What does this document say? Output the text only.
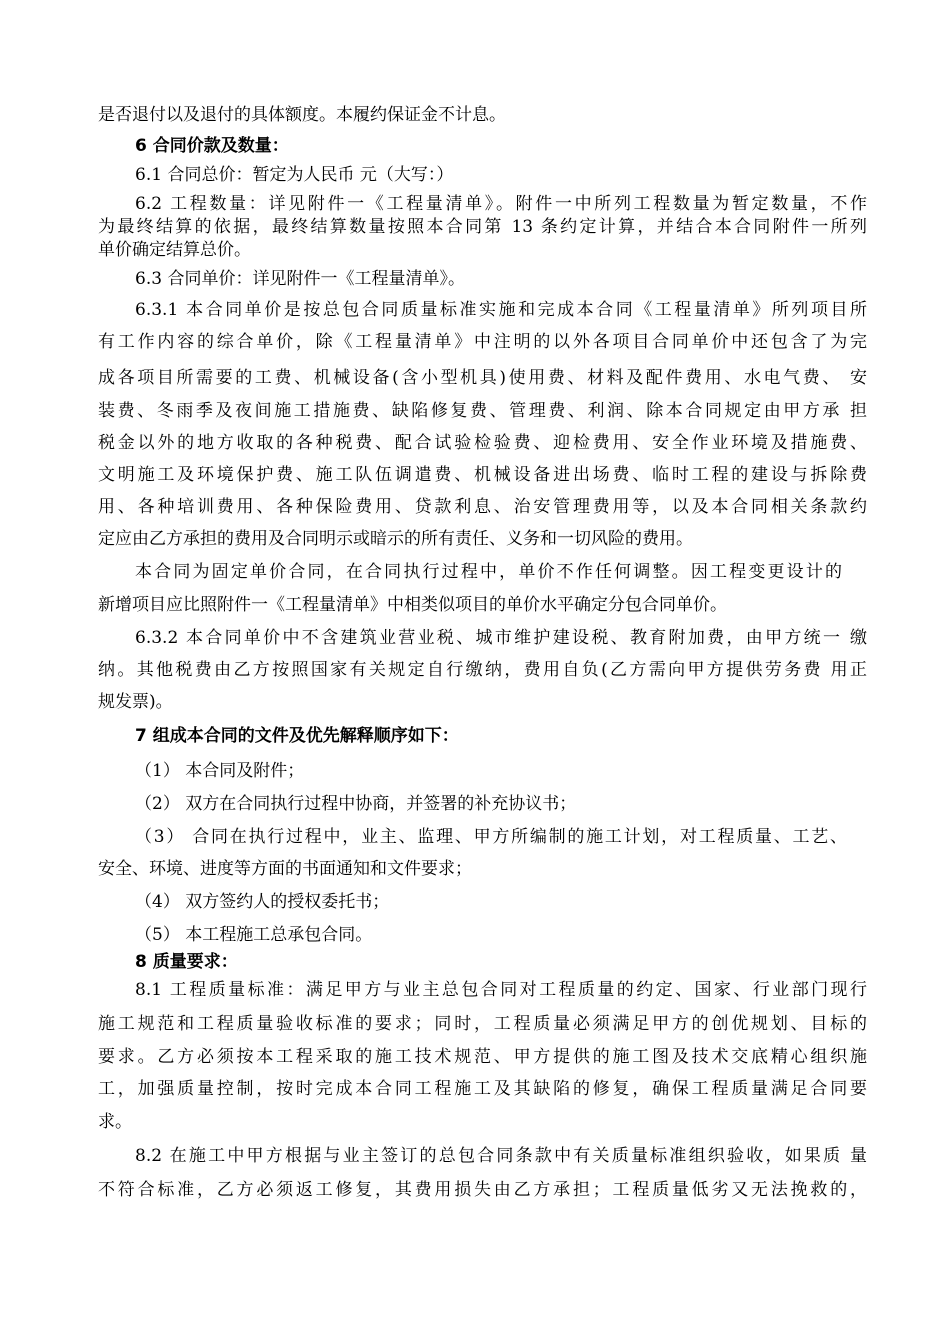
是否退付以及退付的具体额度。本履约保证金不计息。
6 合同价款及数量：
6.1 合同总价：暂定为人民币 元（大写：）
6.2 工程数量：详见附件一《工程量清单》。附件一中所列工程数量为暂定数量，不作
为最终结算的依据，最终结算数量按照本合同第 13 条约定计算，并结合本合同附件一所列
单价确定结算总价。
6.3 合同单价：详见附件一《工程量清单》。
6.3.1 本合同单价是按总包合同质量标准实施和完成本合同《工程量清单》所列项目所
有工作内容的综合单价，除《工程量清单》中注明的以外各项目合同单价中还包含了为完
成各项目所需要的工费、机械设备(含小型机具)使用费、材料及配件费用、水电气费、 安
装费、冬雨季及夜间施工措施费、缺陷修复费、管理费、利润、除本合同规定由甲方承 担
税金以外的地方收取的各种税费、配合试验检验费、迎检费用、安全作业环境及措施费、
文明施工及环境保护费、施工队伍调遣费、机械设备进出场费、临时工程的建设与拆除费
用、各种培训费用、各种保险费用、贷款利息、治安管理费用等，以及本合同相关条款约
定应由乙方承担的费用及合同明示或暗示的所有责任、义务和一切风险的费用。
本合同为固定单价合同，在合同执行过程中，单价不作任何调整。因工程变更设计的
新增项目应比照附件一《工程量清单》中相类似项目的单价水平确定分包合同单价。
6.3.2 本合同单价中不含建筑业营业税、城市维护建设税、教育附加费，由甲方统一 缴
纳。其他税费由乙方按照国家有关规定自行缴纳，费用自负(乙方需向甲方提供劳务费 用正
规发票)。
7 组成本合同的文件及优先解释顺序如下：
（1） 本合同及附件；
（2） 双方在合同执行过程中协商，并签署的补充协议书；
（3） 合同在执行过程中，业主、监理、甲方所编制的施工计划，对工程质量、工艺、
安全、环境、进度等方面的书面通知和文件要求；
（4） 双方签约人的授权委托书；
（5） 本工程施工总承包合同。
8 质量要求：
8.1 工程质量标准：满足甲方与业主总包合同对工程质量的约定、国家、行业部门现行
施工规范和工程质量验收标准的要求；同时，工程质量必须满足甲方的创优规划、目标的
要求。乙方必须按本工程采取的施工技术规范、甲方提供的施工图及技术交底精心组织施
工，加强质量控制，按时完成本合同工程施工及其缺陷的修复，确保工程质量满足合同要
求。
8.2 在施工中甲方根据与业主签订的总包合同条款中有关质量标准组织验收，如果质 量
不符合标准，乙方必须返工修复，其费用损失由乙方承担；工程质量低劣又无法挽救的，
